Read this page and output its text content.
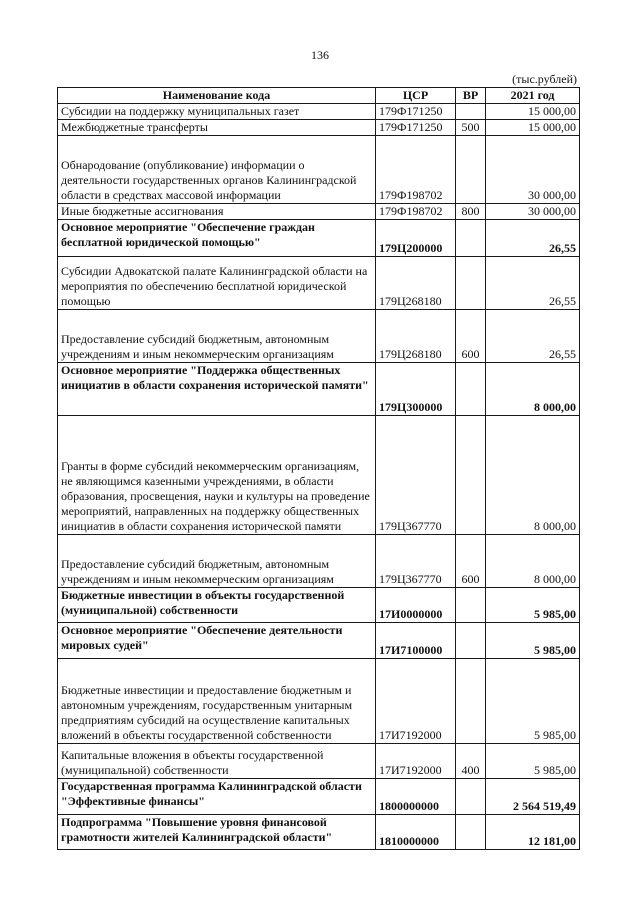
136
(тыс.рублей)
Наименование кода	ЦСР	ВР	2021 год
Субсидии на поддержку муниципальных газет	179Ф171250		15 000,00
Межбюджетные трансферты	179Ф171250	500	15 000,00
Обнародование (опубликование) информации о деятельности государственных органов Калининградской области в средствах массовой информации	179Ф198702		30 000,00
Иные бюджетные ассигнования	179Ф198702	800	30 000,00
Основное мероприятие "Обеспечение граждан бесплатной юридической помощью"	179Ц200000		26,55
Субсидии Адвокатской палате Калининградской области на мероприятия по обеспечению бесплатной юридической помощью	179Ц268180		26,55
Предоставление субсидий бюджетным, автономным учреждениям и иным некоммерческим организациям	179Ц268180	600	26,55
Основное мероприятие "Поддержка общественных инициатив в области сохранения исторической памяти"	179Ц300000		8 000,00
Гранты в форме субсидий некоммерческим организациям, не являющимся казенными учреждениями, в области образования, просвещения, науки и культуры на проведение мероприятий, направленных на поддержку общественных инициатив в области сохранения исторической памяти	179Ц367770		8 000,00
Предоставление субсидий бюджетным, автономным учреждениям и иным некоммерческим организациям	179Ц367770	600	8 000,00
Бюджетные инвестиции в объекты государственной (муниципальной) собственности	17И0000000		5 985,00
Основное мероприятие "Обеспечение деятельности мировых судей"	17И7100000		5 985,00
Бюджетные инвестиции и предоставление бюджетным и автономным учреждениям, государственным унитарным предприятиям субсидий на осуществление капитальных вложений в объекты государственной собственности	17И7192000		5 985,00
Капитальные вложения в объекты государственной (муниципальной) собственности	17И7192000	400	5 985,00
Государственная программа Калининградской области "Эффективные финансы"	1800000000		2 564 519,49
Подпрограмма "Повышение уровня финансовой грамотности жителей Калининградской области"	1810000000		12 181,00
